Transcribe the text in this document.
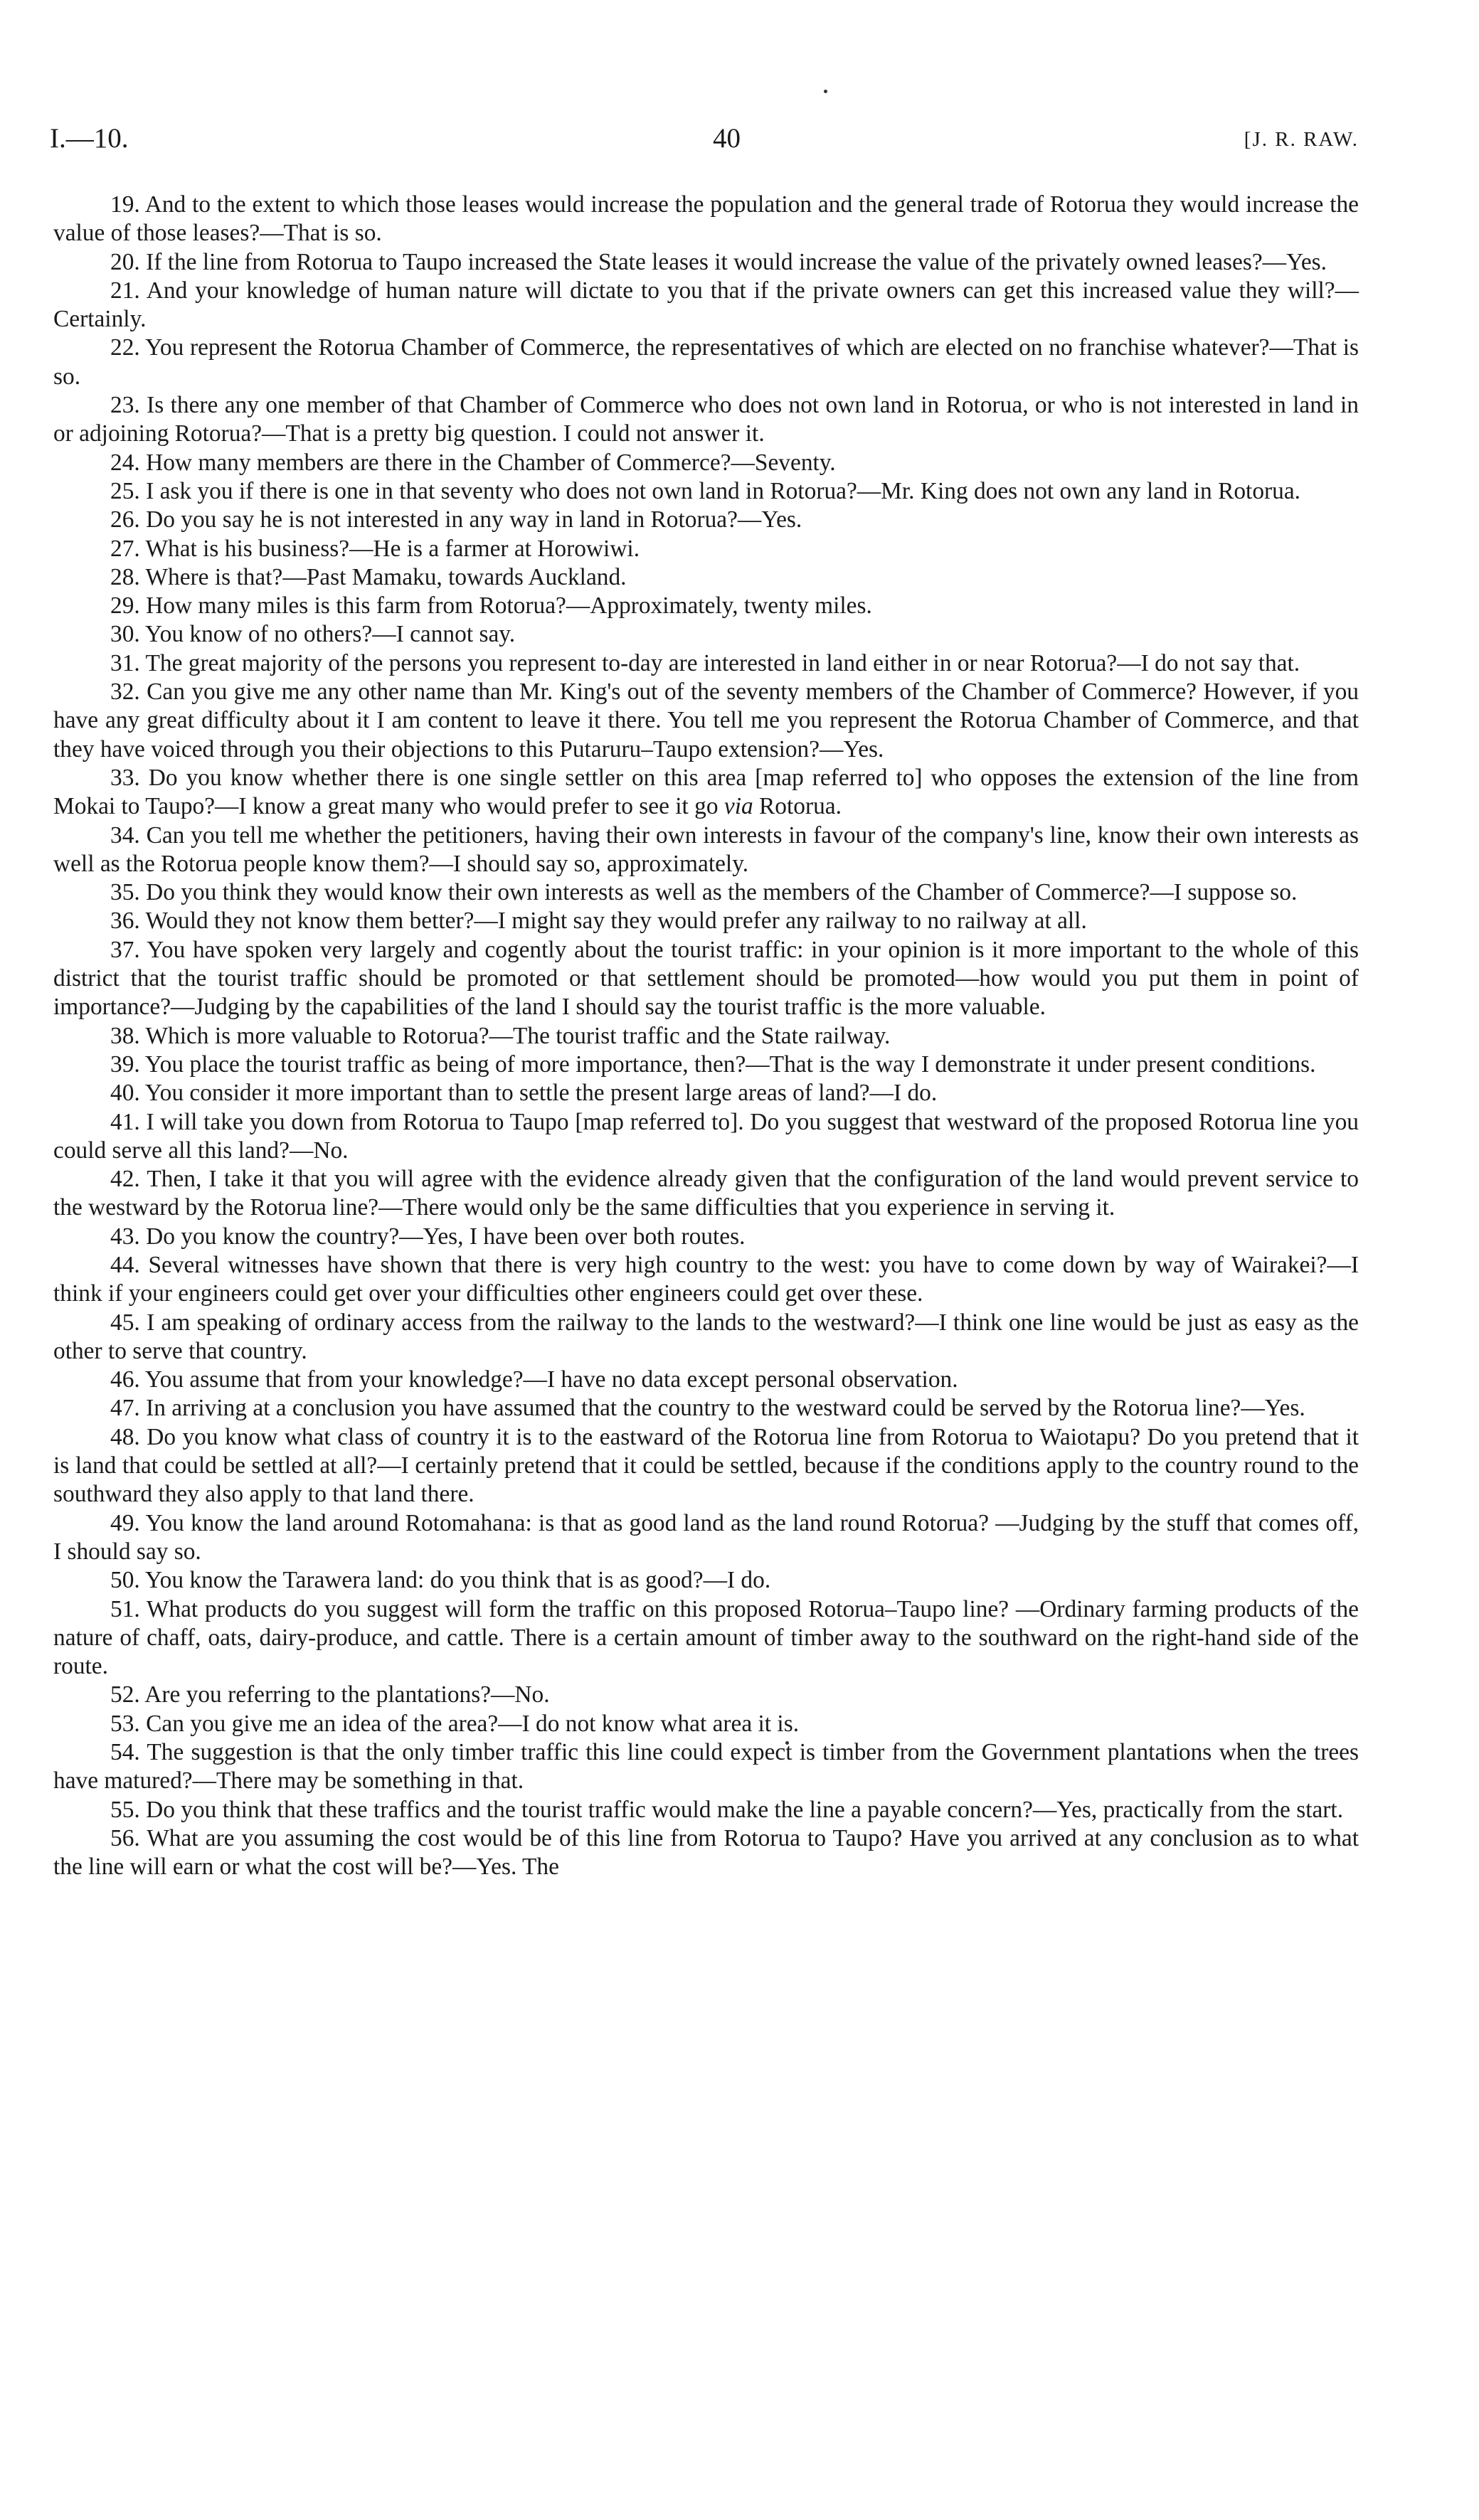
I.—10.	40	[J. R. RAW.

19. And to the extent to which those leases would increase the population and the general trade of Rotorua they would increase the value of those leases?—That is so.

20. If the line from Rotorua to Taupo increased the State leases it would increase the value of the privately owned leases?—Yes.

21. And your knowledge of human nature will dictate to you that if the private owners can get this increased value they will?—Certainly.

22. You represent the Rotorua Chamber of Commerce, the representatives of which are elected on no franchise whatever?—That is so.

23. Is there any one member of that Chamber of Commerce who does not own land in Rotorua, or who is not interested in land in or adjoining Rotorua?—That is a pretty big question. I could not answer it.

24. How many members are there in the Chamber of Commerce?—Seventy.

25. I ask you if there is one in that seventy who does not own land in Rotorua?—Mr. King does not own any land in Rotorua.

26. Do you say he is not interested in any way in land in Rotorua?—Yes.

27. What is his business?—He is a farmer at Horowiwi.

28. Where is that?—Past Mamaku, towards Auckland.

29. How many miles is this farm from Rotorua?—Approximately, twenty miles.

30. You know of no others?—I cannot say.

31. The great majority of the persons you represent to-day are interested in land either in or near Rotorua?—I do not say that.

32. Can you give me any other name than Mr. King's out of the seventy members of the Chamber of Commerce? However, if you have any great difficulty about it I am content to leave it there. You tell me you represent the Rotorua Chamber of Commerce, and that they have voiced through you their objections to this Putaruru–Taupo extension?—Yes.

33. Do you know whether there is one single settler on this area [map referred to] who opposes the extension of the line from Mokai to Taupo?—I know a great many who would prefer to see it go via Rotorua.

34. Can you tell me whether the petitioners, having their own interests in favour of the company's line, know their own interests as well as the Rotorua people know them?—I should say so, approximately.

35. Do you think they would know their own interests as well as the members of the Chamber of Commerce?—I suppose so.

36. Would they not know them better?—I might say they would prefer any railway to no railway at all.

37. You have spoken very largely and cogently about the tourist traffic: in your opinion is it more important to the whole of this district that the tourist traffic should be promoted or that settlement should be promoted—how would you put them in point of importance?—Judging by the capabilities of the land I should say the tourist traffic is the more valuable.

38. Which is more valuable to Rotorua?—The tourist traffic and the State railway.

39. You place the tourist traffic as being of more importance, then?—That is the way I demonstrate it under present conditions.

40. You consider it more important than to settle the present large areas of land?—I do.

41. I will take you down from Rotorua to Taupo [map referred to]. Do you suggest that westward of the proposed Rotorua line you could serve all this land?—No.

42. Then, I take it that you will agree with the evidence already given that the configuration of the land would prevent service to the westward by the Rotorua line?—There would only be the same difficulties that you experience in serving it.

43. Do you know the country?—Yes, I have been over both routes.

44. Several witnesses have shown that there is very high country to the west: you have to come down by way of Wairakei?—I think if your engineers could get over your difficulties other engineers could get over these.

45. I am speaking of ordinary access from the railway to the lands to the westward?—I think one line would be just as easy as the other to serve that country.

46. You assume that from your knowledge?—I have no data except personal observation.

47. In arriving at a conclusion you have assumed that the country to the westward could be served by the Rotorua line?—Yes.

48. Do you know what class of country it is to the eastward of the Rotorua line from Rotorua to Waiotapu? Do you pretend that it is land that could be settled at all?—I certainly pretend that it could be settled, because if the conditions apply to the country round to the southward they also apply to that land there.

49. You know the land around Rotomahana: is that as good land as the land round Rotorua? —Judging by the stuff that comes off, I should say so.

50. You know the Tarawera land: do you think that is as good?—I do.

51. What products do you suggest will form the traffic on this proposed Rotorua–Taupo line? —Ordinary farming products of the nature of chaff, oats, dairy-produce, and cattle. There is a certain amount of timber away to the southward on the right-hand side of the route.

52. Are you referring to the plantations?—No.

53. Can you give me an idea of the area?—I do not know what area it is.

54. The suggestion is that the only timber traffic this line could expect is timber from the Government plantations when the trees have matured?—There may be something in that.

55. Do you think that these traffics and the tourist traffic would make the line a payable concern?—Yes, practically from the start.

56. What are you assuming the cost would be of this line from Rotorua to Taupo? Have you arrived at any conclusion as to what the line will earn or what the cost will be?—Yes. The
